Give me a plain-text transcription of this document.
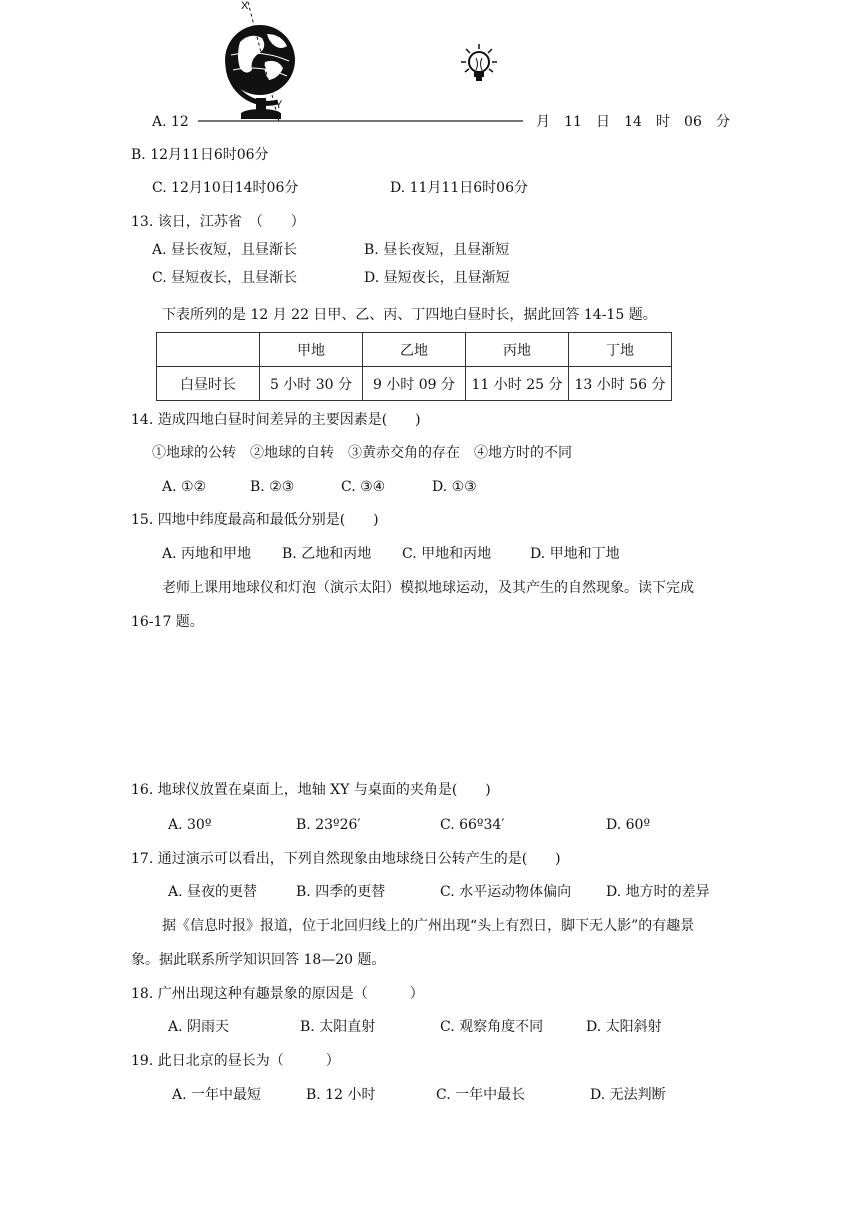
X
Y
A. 12	月 11 日 14 时 06 分
B. 12月11日6时06分
C. 12月10日14时06分	D. 11月11日6时06分
13. 该日，江苏省　（　　）
A. 昼长夜短，且昼渐长	B. 昼长夜短，且昼渐短
C. 昼短夜长，且昼渐长	D. 昼短夜长，且昼渐短
下表所列的是 12 月 22 日甲、乙、丙、丁四地白昼时长，据此回答 14-15 题。
	甲地	乙地	丙地	丁地
白昼时长	5 小时 30 分	9 小时 09 分	11 小时 25 分	13 小时 56 分
14. 造成四地白昼时间差异的主要因素是(　　)
①地球的公转　②地球的自转　③黄赤交角的存在　④地方时的不同
A. ①②	B. ②③	C. ③④	D. ①③
15. 四地中纬度最高和最低分别是(　　)
A. 丙地和甲地 B. 乙地和丙地 C. 甲地和丙地	D. 甲地和丁地
老师上课用地球仪和灯泡（演示太阳）模拟地球运动，及其产生的自然现象。读下完成
16-17 题。
16. 地球仪放置在桌面上，地轴 XY 与桌面的夹角是(　　)
A. 30º	B. 23º26′	C. 66º34′	D. 60º
17. 通过演示可以看出，下列自然现象由地球绕日公转产生的是(　　)
A. 昼夜的更替	B. 四季的更替	C. 水平运动物体偏向 D. 地方时的差异
据《信息时报》报道，位于北回归线上的广州出现“头上有烈日，脚下无人影”的有趣景
象。据此联系所学知识回答 18—20 题。
18. 广州出现这种有趣景象的原因是（　　　）
A. 阴雨天	B. 太阳直射	C. 观察角度不同	D. 太阳斜射
19. 此日北京的昼长为（　　　）
A. 一年中最短	B. 12 小时	C. 一年中最长	D. 无法判断
